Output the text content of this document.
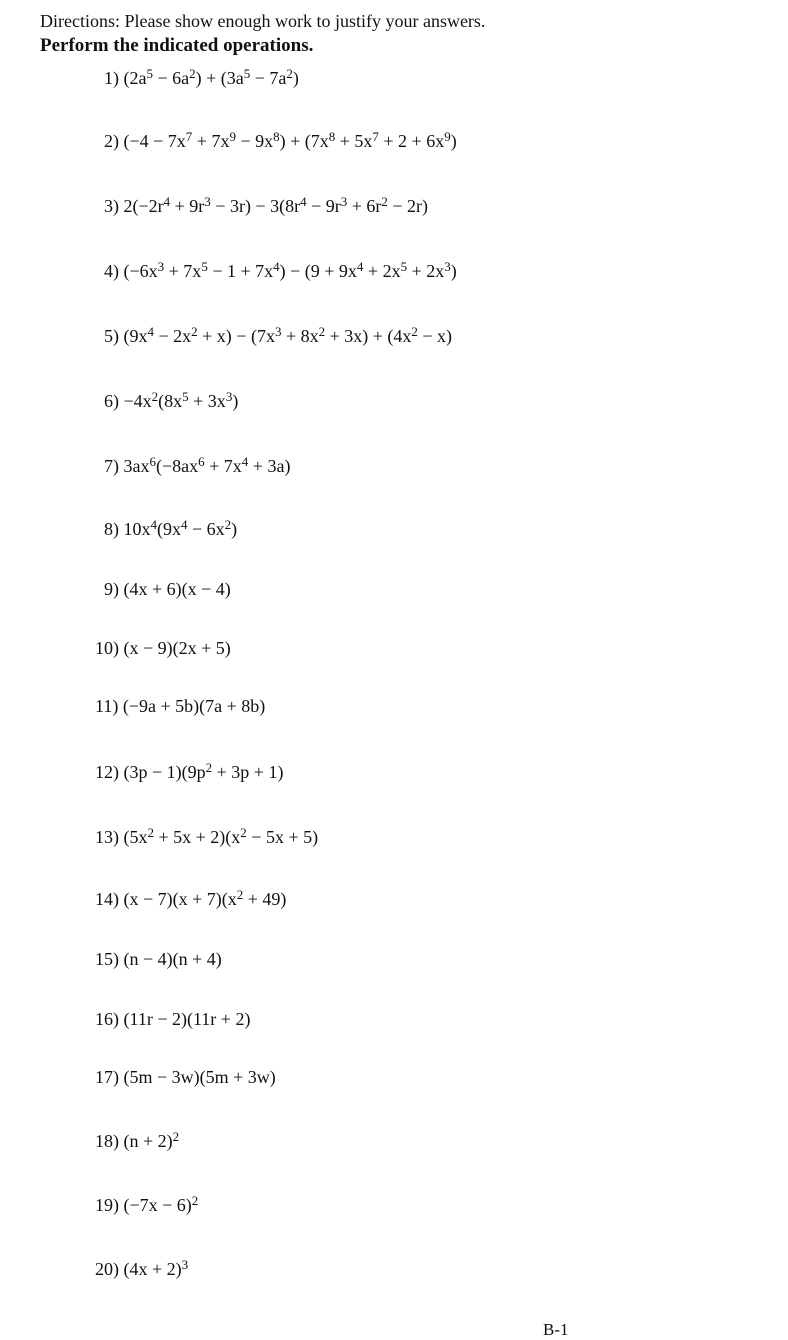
Directions: Please show enough work to justify your answers.
Perform the indicated operations.
1) $(2a^5 - 6a^2) + (3a^5 - 7a^2)$
2) $(-4 - 7x^7 + 7x^9 - 9x^8) + (7x^8 + 5x^7 + 2 + 6x^9)$
3) $2(-2r^4 + 9r^3 - 3r) - 3(8r^4 - 9r^3 + 6r^2 - 2r)$
4) $(-6x^3 + 7x^5 - 1 + 7x^4) - (9 + 9x^4 + 2x^5 + 2x^3)$
5) $(9x^4 - 2x^2 + x) - (7x^3 + 8x^2 + 3x) + (4x^2 - x)$
$6) -4x^2(8x^5 + 3x^3)$
7) $3ax^6(-8ax^6 + 7x^4 + 3a)$
8) $10x^4(9x^4 - 6x^2)$
9) (4x + 6)(x − 4)
10) (x − 9)(2x + 5)
11) (−9a + 5b)(7a + 8b)
12) $(3p - 1)(9p^2 + 3p + 1)$
13) $(5x^2 + 5x + 2)(x^2 - 5x + 5)$
14) $(x - 7)(x + 7)(x^2 + 49)$
15) (n − 4)(n + 4)
16) (11r − 2)(11r + 2)
17) (5m − 3w)(5m + 3w)
18) $(n + 2)^2$
19) $(-7x - 6)^2$
20) $(4x + 2)^3$
B-1
